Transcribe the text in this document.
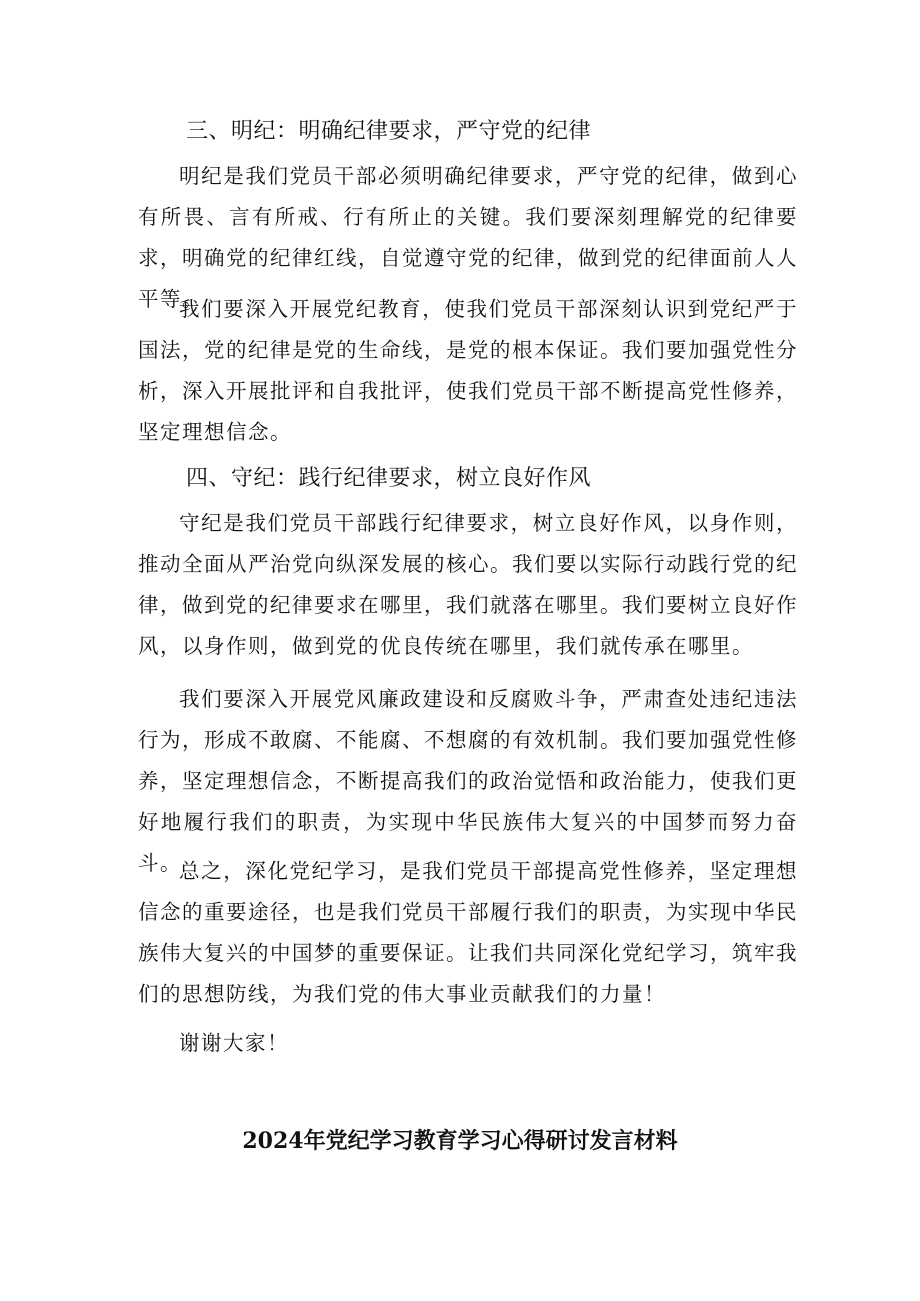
三、明纪：明确纪律要求，严守党的纪律

明纪是我们党员干部必须明确纪律要求，严守党的纪律，做到心有所畏、言有所戒、行有所止的关键。我们要深刻理解党的纪律要求，明确党的纪律红线，自觉遵守党的纪律，做到党的纪律面前人人平等。

我们要深入开展党纪教育，使我们党员干部深刻认识到党纪严于国法，党的纪律是党的生命线，是党的根本保证。我们要加强党性分析，深入开展批评和自我批评，使我们党员干部不断提高党性修养，坚定理想信念。

四、守纪：践行纪律要求，树立良好作风

守纪是我们党员干部践行纪律要求，树立良好作风，以身作则，推动全面从严治党向纵深发展的核心。我们要以实际行动践行党的纪律，做到党的纪律要求在哪里，我们就落在哪里。我们要树立良好作风，以身作则，做到党的优良传统在哪里，我们就传承在哪里。

我们要深入开展党风廉政建设和反腐败斗争，严肃查处违纪违法行为，形成不敢腐、不能腐、不想腐的有效机制。我们要加强党性修养，坚定理想信念，不断提高我们的政治觉悟和政治能力，使我们更好地履行我们的职责，为实现中华民族伟大复兴的中国梦而努力奋斗。

总之，深化党纪学习，是我们党员干部提高党性修养，坚定理想信念的重要途径，也是我们党员干部履行我们的职责，为实现中华民族伟大复兴的中国梦的重要保证。让我们共同深化党纪学习，筑牢我们的思想防线，为我们党的伟大事业贡献我们的力量！

谢谢大家！

2024年党纪学习教育学习心得研讨发言材料
